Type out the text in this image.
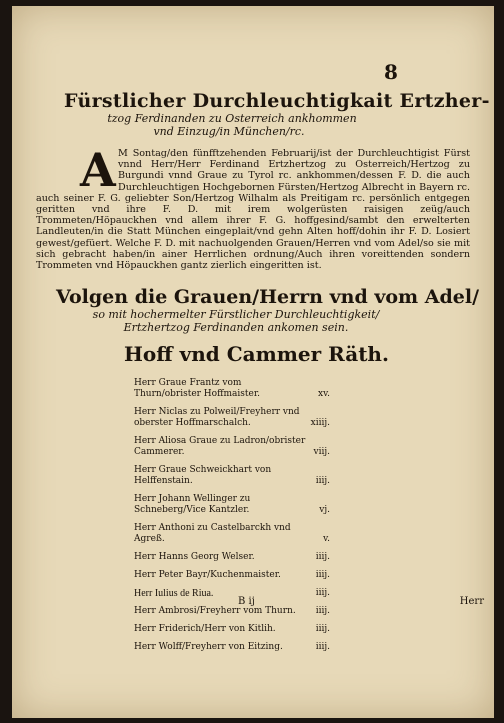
8
Fürstlicher Durchleuchtigkait Ertzher-
tzog Ferdinanden zu Osterreich ankhommen
vnd Einzug/in München/rc.
A M Sontag/den fünfftzehenden Februarij/ist der Durchleuchtigist Fürst vnnd Herr/Herr Ferdinand Ertzhertzog zu Osterreich/Hertzog zu Burgundi vnnd Graue zu Tyrol rc. ankhommen/dessen F. D. die auch Durchleuchtigen Hochgebornen Fürsten/Hertzog Albrecht in Bayern rc. auch seiner F. G. geliebter Son/Hertzog Wilhalm als Preitigam rc. persönlich entgegen geritten vnd ihre F. D. mit irem wolgerüsten raisigen zeüg/auch Trommeten/Höpauckhen vnd allem ihrer F. G. hoffgesind/sambt den erwelterten Landleuten/in die Statt München eingeplait/vnd gehn Alten hoff/dohin ihr F. D. Losiert gewest/gefüert. Welche F. D. mit nachuolgenden Grauen/Herren vnd vom Adel/so sie mit sich gebracht haben/in ainer Herrlichen ordnung/Auch ihren voreittenden sondern Trommeten vnd Höpauckhen gantz zierlich eingeritten ist.
Volgen die Grauen/Herrn vnd vom Adel/
so mit hochermelter Fürstlicher Durchleuchtigkeit/
Ertzhertzog Ferdinanden ankomen sein.
Hoff vnd Cammer Räth.
Herr Graue Frantz vom Thurn/obrister Hoffmaister.	xv.
Herr Niclas zu Polweil/Freyherr vnd oberster Hoffmarschalch.	xiiij.
Herr Aliosa Graue zu Ladron/obrister Cammerer.	viij.
Herr Graue Schweickhart von Helffenstain.	iiij.
Herr Johann Wellinger zu Schneberg/Vice Kantzler.	vj.
Herr Anthoni zu Castelbarckh vnd Agreß.	v.
Herr Hanns Georg Welser.	iiij.
Herr Peter Bayr/Kuchenmaister.	iiij.
Herr Iulius de Riua.	iiij.
Herr Ambrosi/Freyherr vom Thurn.	iiij.
Herr Friderich/Herr von Kitlih.	iiij.
Herr Wolff/Freyherr von Eitzing.	iiij.
B ij	Herr
